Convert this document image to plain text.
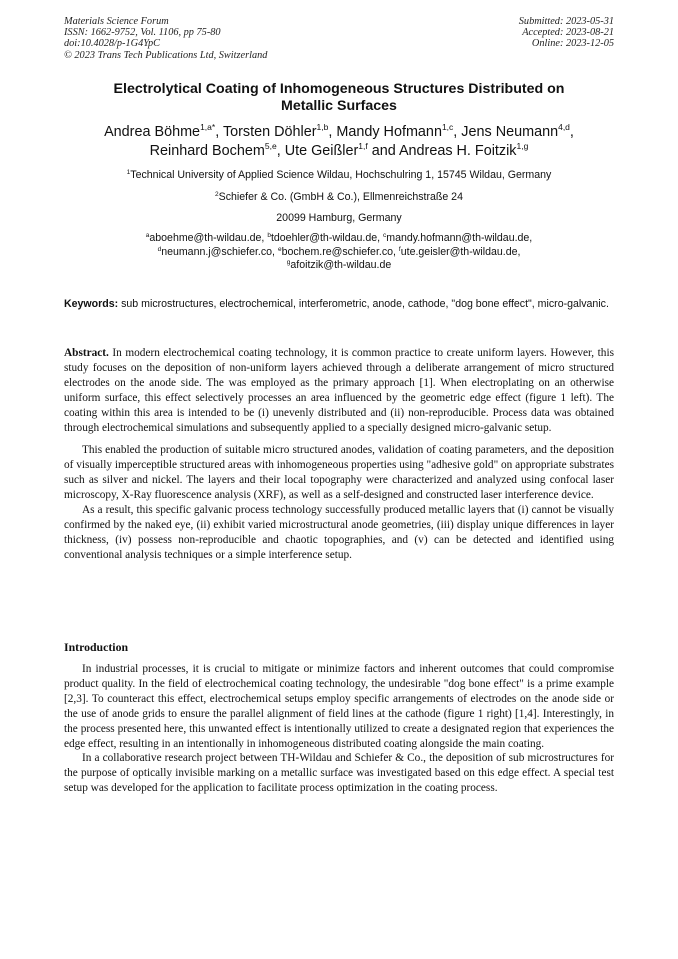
Materials Science Forum
ISSN: 1662-9752, Vol. 1106, pp 75-80
doi:10.4028/p-1G4YpC
© 2023 Trans Tech Publications Ltd, Switzerland
Submitted: 2023-05-31
Accepted: 2023-08-21
Online: 2023-12-05
Electrolytical Coating of Inhomogeneous Structures Distributed on
Metallic Surfaces
Andrea Böhme$^{1,a*}$, Torsten Döhler$^{1,b}$, Mandy Hofmann$^{1,c}$, Jens Neumann$^{4,d}$,
Reinhard Bochem$^{5,e}$, Ute Geißler$^{1,f}$ and Andreas H. Foitzik$^{1,g}$
$^1$Technical University of Applied Science Wildau, Hochschulring 1, 15745 Wildau, Germany
$^2$Schiefer & Co. (GmbH & Co.), Ellmenreichstraße 24
20099 Hamburg, Germany
$^a$aboehme@th-wildau.de, $^b$tdoehler@th-wildau.de, $^c$mandy.hofmann@th-wildau.de,
$^d$neumann.j@schiefer.co, $^e$bochem.re@schiefer.co, $^f$ute.geisler@th-wildau.de,
$^g$afoitzik@th-wildau.de
Keywords: sub microstructures, electrochemical, interferometric, anode, cathode, "dog bone effect", micro-galvanic.

Abstract. In modern electrochemical coating technology, it is common practice to create uniform layers. However, this study focuses on the deposition of non-uniform layers achieved through a deliberate arrangement of micro structured electrodes on the anode side. The was employed as the primary approach [1]. When electroplating on an otherwise uniform surface, this effect selectively processes an area influenced by the geometric edge effect (figure 1 left). The coating within this area is intended to be (i) unevenly distributed and (ii) non-reproducible. Process data was obtained through electrochemical simulations and subsequently applied to a specially designed micro-galvanic setup.

This enabled the production of suitable micro structured anodes, validation of coating parameters, and the deposition of visually imperceptible structured areas with inhomogeneous properties using "adhesive gold" on appropriate substrates such as silver and nickel. The layers and their local topography were characterized and analyzed using confocal laser microscopy, X-Ray fluorescence analysis (XRF), as well as a self-designed and constructed laser interference device.

As a result, this specific galvanic process technology successfully produced metallic layers that (i) cannot be visually confirmed by the naked eye, (ii) exhibit varied microstructural anode geometries, (iii) display unique differences in layer thickness, (iv) possess non-reproducible and chaotic topographies, and (v) can be detected and identified using conventional analysis techniques or a simple interference setup.

Introduction

In industrial processes, it is crucial to mitigate or minimize factors and inherent outcomes that could compromise product quality. In the field of electrochemical coating technology, the undesirable "dog bone effect" is a prime example [2,3]. To counteract this effect, electrochemical setups employ specific arrangements of electrodes on the anode side or the use of anode grids to ensure the parallel alignment of field lines at the cathode (figure 1 right) [1,4]. Interestingly, in the process presented here, this unwanted effect is intentionally utilized to create a designated region that experiences the edge effect, resulting in an intentionally in inhomogeneous distributed coating alongside the main coating.

In a collaborative research project between TH-Wildau and Schiefer & Co., the deposition of sub microstructures for the purpose of optically invisible marking on a metallic surface was investigated based on this edge effect. A special test setup was developed for the application to facilitate process optimization in the coating process.
